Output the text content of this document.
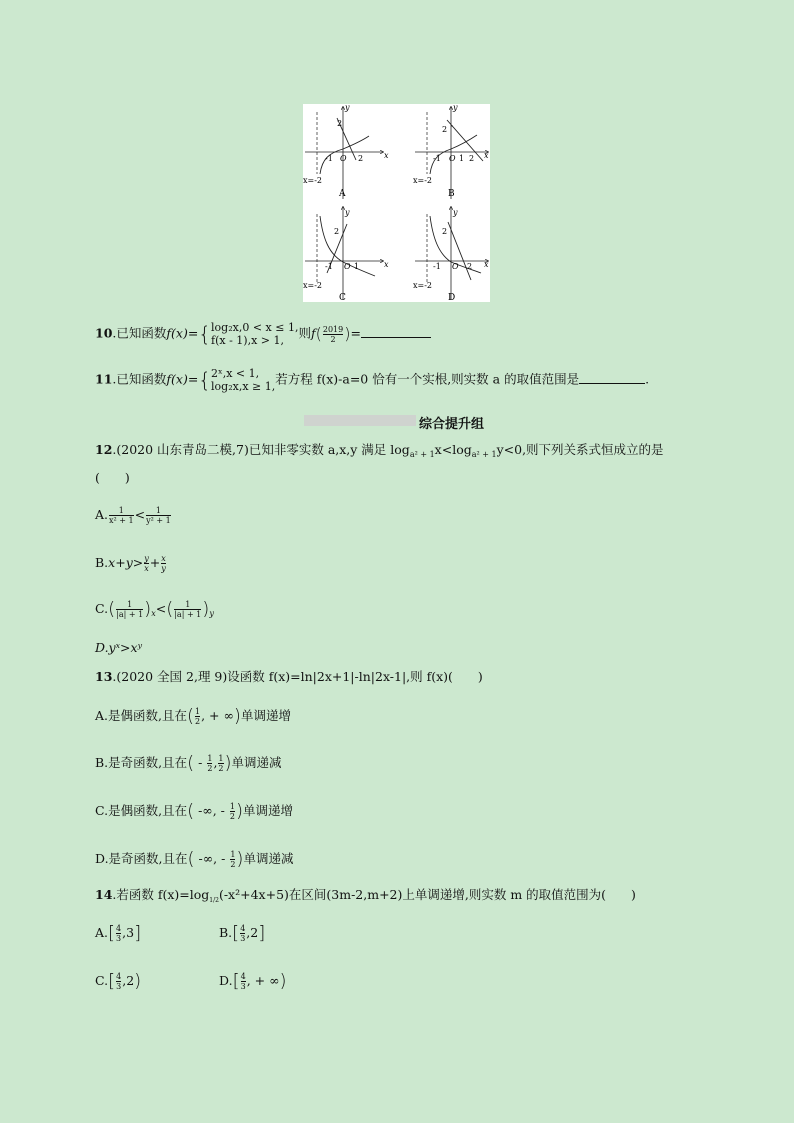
x
y
2
-1 O 2
x=-2
A
x
y
2
-1 O 1 2
x=-2
B
x
y
2
-1 O 1
x=-2
C
x
y
2
-1 O 2
x=-2
D
10.已知函数f(x)={ log₂x,0 < x ≤ 1,
f(x - 1),x > 1,	则$f( \frac{2019}{2}$ )=
11.已知函数f(x)={ 2ˣ,x < 1,
log₂x,x ≥ 1, 若方程 f(x)-a=0 恰有一个实根,则实数 a 的取值范围是	.
综合提升组
12.(2020 山东青岛二模,7)已知非零实数 a,x,y 满足 $\log_{a^2 + 1}x<\log_{a^2 + 1}y<0$,则下列关系式恒成立的是
(　　)
A. $\frac{1}{\text{x² + 1}} < \frac{1}{\text{y² + 1}}$
$B.x+y> \frac{y}{x} + \frac{x}{y}$
$C.( \frac{1}{|a| + 1} )_x<( \frac{1}{|a| + 1} )_y$
D.yˣ>xʸ
13.(2020 全国 2,理 9)设函数 f(x)=ln|2x+1|-ln|2x-1|,则 f(x)(　　)
A.是偶函数,且在( $\frac{1}{2}$ , + ∞)单调递增
B.是奇函数,且在( - $\frac{1}{2}$ , $\frac{1}{2}$ )单调递减
C.是偶函数,且在( -∞, - $\frac{1}{2}$ )单调递增
D.是奇函数,且在( -∞, - $\frac{1}{2}$ )单调递减
14.若函数 $f(x)=\log_{1/2}(-x^2+4x+5)$在区间(3m-2,m+2)上单调递增,则实数 m 的取值范围为(　　)
$A.[ \frac{4}{3} ,3]$	$B.[ \frac{4}{3} ,2]$
$C.[ \frac{4}{3} ,2)$	$D.[ \frac{4}{3}$ , + ∞)
